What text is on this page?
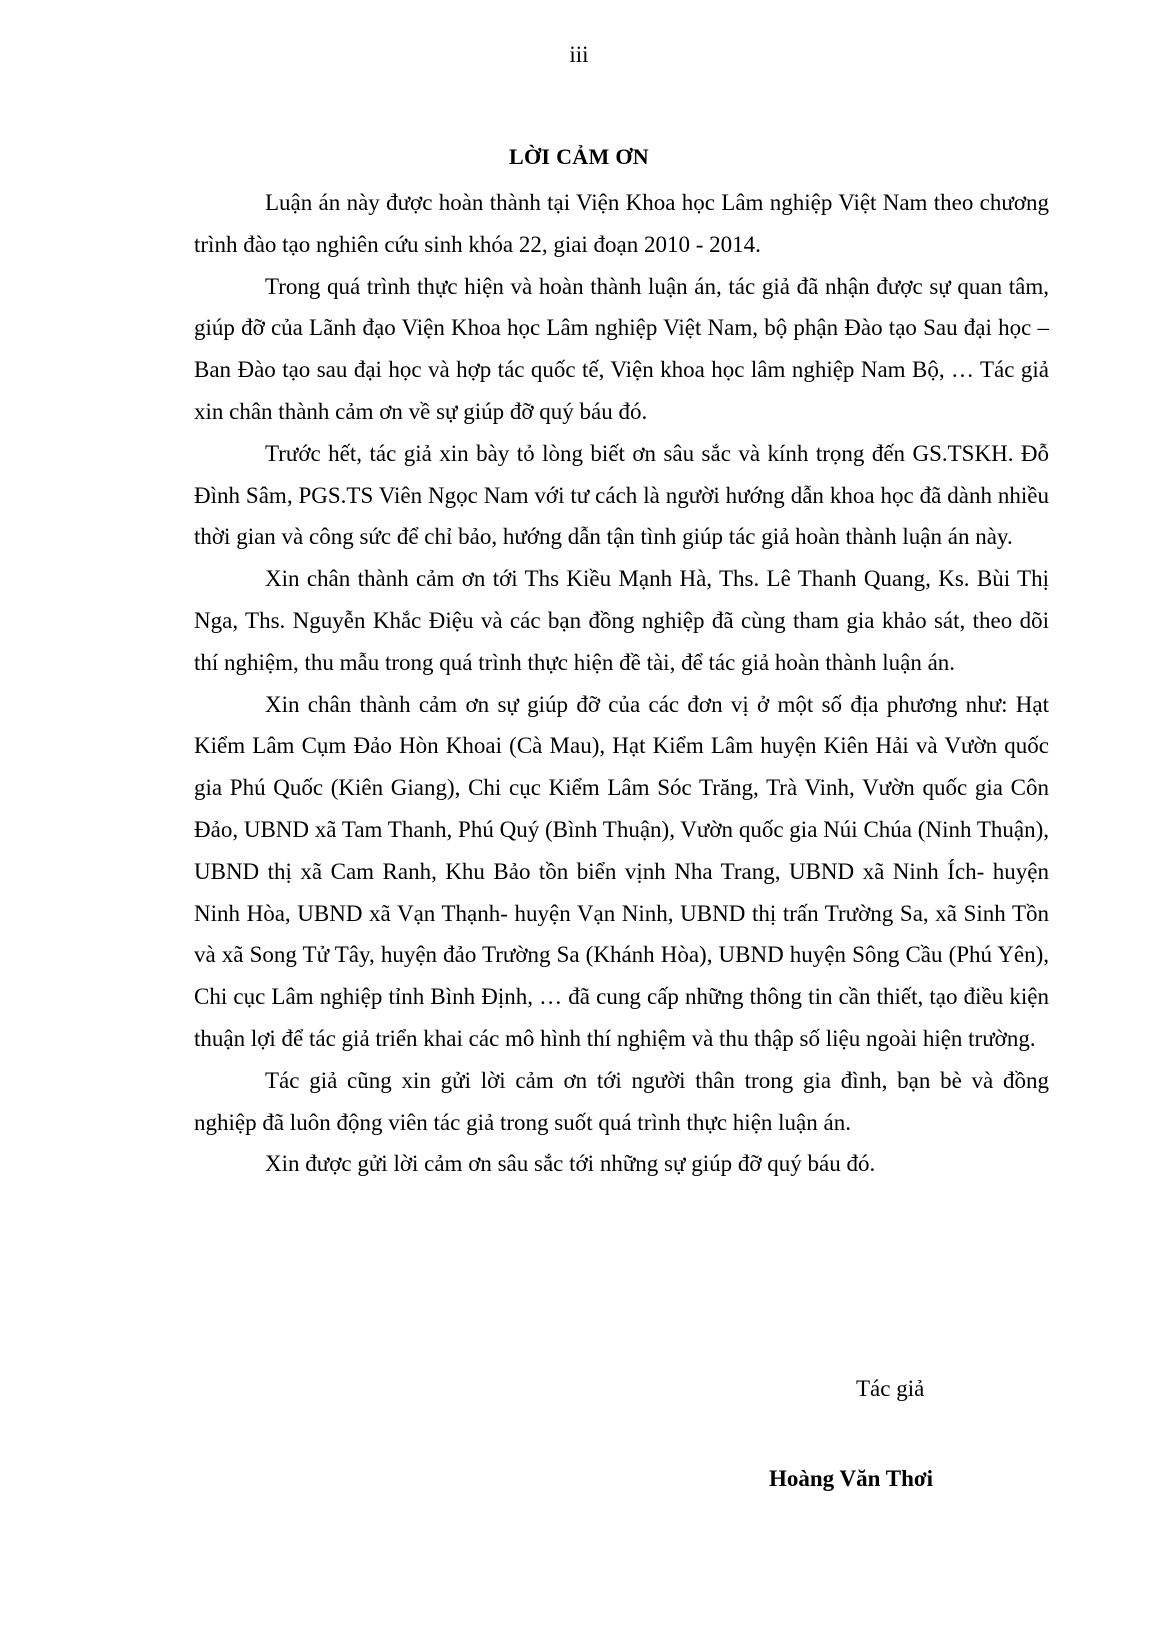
iii
LỜI CẢM ƠN

Luận án này được hoàn thành tại Viện Khoa học Lâm nghiệp Việt Nam theo chương trình đào tạo nghiên cứu sinh khóa 22, giai đoạn 2010 - 2014.

Trong quá trình thực hiện và hoàn thành luận án, tác giả đã nhận được sự quan tâm, giúp đỡ của Lãnh đạo Viện Khoa học Lâm nghiệp Việt Nam, bộ phận Đào tạo Sau đại học – Ban Đào tạo sau đại học và hợp tác quốc tế, Viện khoa học lâm nghiệp Nam Bộ, … Tác giả xin chân thành cảm ơn về sự giúp đỡ quý báu đó.

Trước hết, tác giả xin bày tỏ lòng biết ơn sâu sắc và kính trọng đến GS.TSKH. Đỗ Đình Sâm, PGS.TS Viên Ngọc Nam với tư cách là người hướng dẫn khoa học đã dành nhiều thời gian và công sức để chỉ bảo, hướng dẫn tận tình giúp tác giả hoàn thành luận án này.

Xin chân thành cảm ơn tới Ths Kiều Mạnh Hà, Ths. Lê Thanh Quang, Ks. Bùi Thị Nga, Ths. Nguyễn Khắc Điệu và các bạn đồng nghiệp đã cùng tham gia khảo sát, theo dõi thí nghiệm, thu mẫu trong quá trình thực hiện đề tài, để tác giả hoàn thành luận án.

Xin chân thành cảm ơn sự giúp đỡ của các đơn vị ở một số địa phương như: Hạt Kiểm Lâm Cụm Đảo Hòn Khoai (Cà Mau), Hạt Kiểm Lâm huyện Kiên Hải và Vườn quốc gia Phú Quốc (Kiên Giang), Chi cục Kiểm Lâm Sóc Trăng, Trà Vinh, Vườn quốc gia Côn Đảo, UBND xã Tam Thanh, Phú Quý (Bình Thuận), Vườn quốc gia Núi Chúa (Ninh Thuận), UBND thị xã Cam Ranh, Khu Bảo tồn biển vịnh Nha Trang, UBND xã Ninh Ích- huyện Ninh Hòa, UBND xã Vạn Thạnh- huyện Vạn Ninh, UBND thị trấn Trường Sa, xã Sinh Tồn và xã Song Tử Tây, huyện đảo Trường Sa (Khánh Hòa), UBND huyện Sông Cầu (Phú Yên), Chi cục Lâm nghiệp tỉnh Bình Định, … đã cung cấp những thông tin cần thiết, tạo điều kiện thuận lợi để tác giả triển khai các mô hình thí nghiệm và thu thập số liệu ngoài hiện trường.

Tác giả cũng xin gửi lời cảm ơn tới người thân trong gia đình, bạn bè và đồng nghiệp đã luôn động viên tác giả trong suốt quá trình thực hiện luận án.

Xin được gửi lời cảm ơn sâu sắc tới những sự giúp đỡ quý báu đó.

Tác giả
Hoàng Văn Thơi
